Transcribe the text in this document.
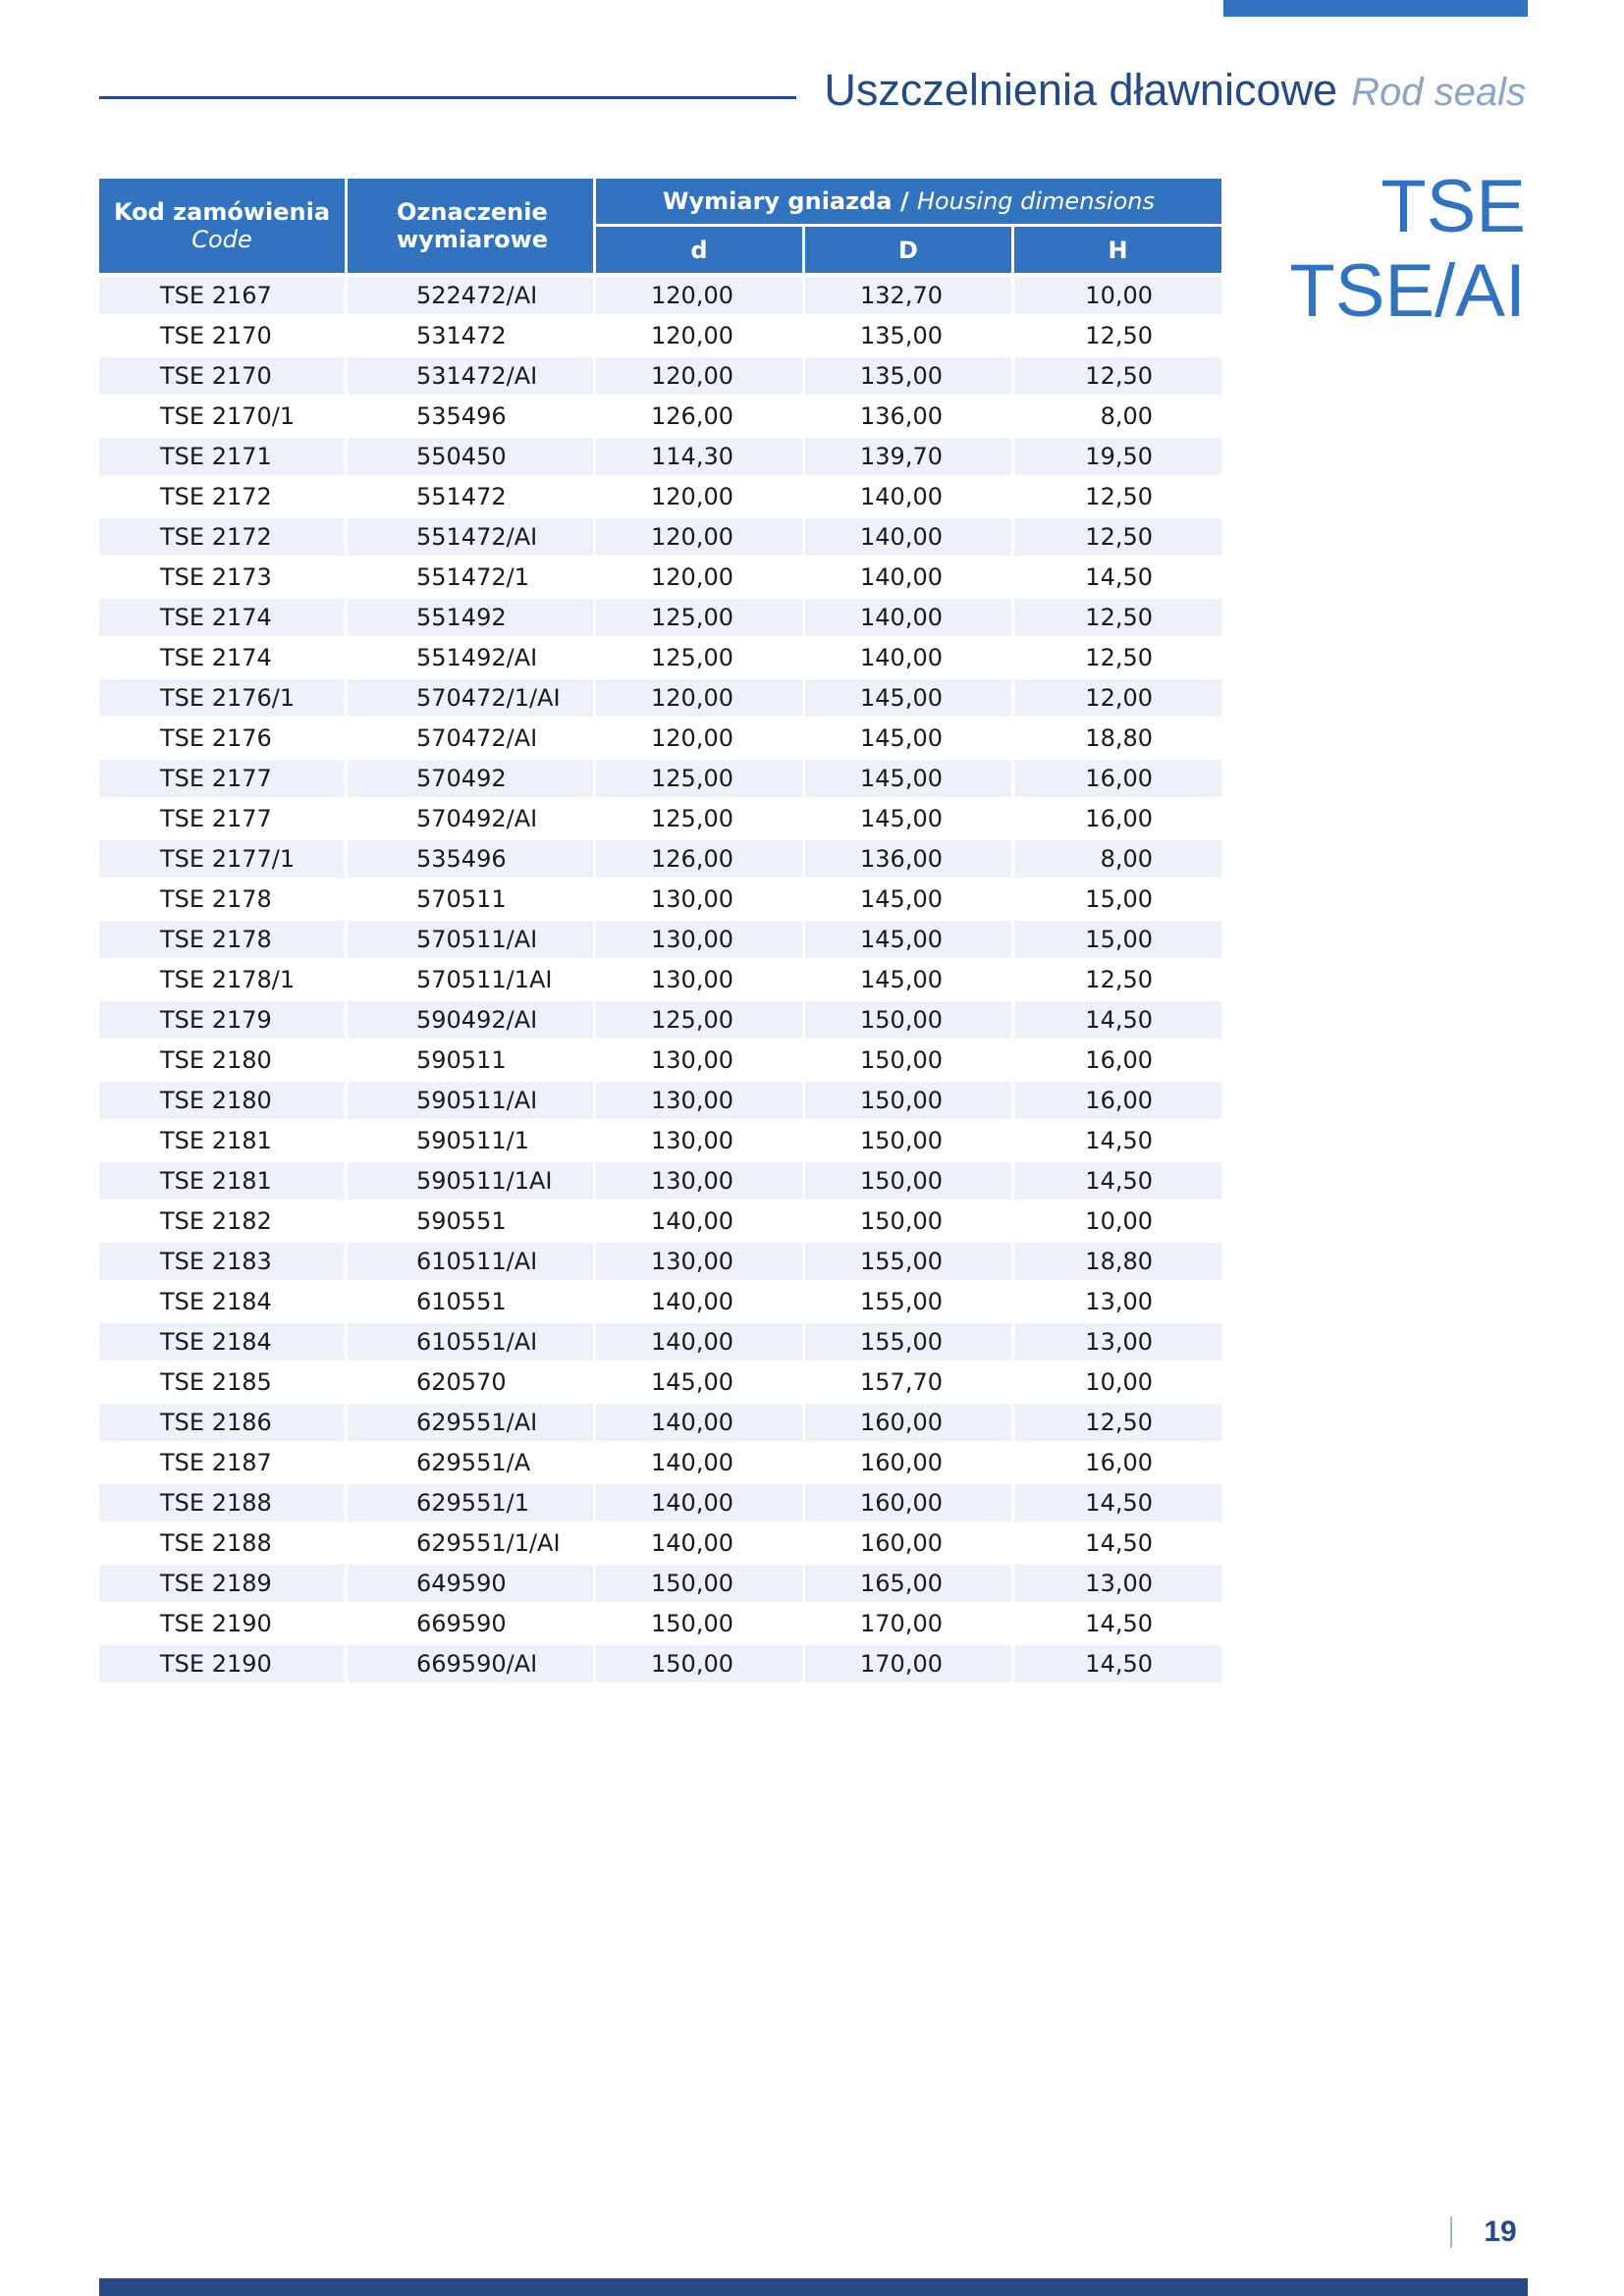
Uszczelnienia dławnicowe Rod seals
TSE
TSE/AI
Kod zamówienia
Code	Oznaczenie wymiarowe	Wymiary gniazda / Housing dimensions		
		d	D	H
TSE 2167	522472/AI	120,00	132,70	10,00
TSE 2170	531472	120,00	135,00	12,50
TSE 2170	531472/AI	120,00	135,00	12,50
TSE 2170/1	535496	126,00	136,00	8,00
TSE 2171	550450	114,30	139,70	19,50
TSE 2172	551472	120,00	140,00	12,50
TSE 2172	551472/AI	120,00	140,00	12,50
TSE 2173	551472/1	120,00	140,00	14,50
TSE 2174	551492	125,00	140,00	12,50
TSE 2174	551492/AI	125,00	140,00	12,50
TSE 2176/1	570472/1/AI	120,00	145,00	12,00
TSE 2176	570472/AI	120,00	145,00	18,80
TSE 2177	570492	125,00	145,00	16,00
TSE 2177	570492/AI	125,00	145,00	16,00
TSE 2177/1	535496	126,00	136,00	8,00
TSE 2178	570511	130,00	145,00	15,00
TSE 2178	570511/AI	130,00	145,00	15,00
TSE 2178/1	570511/1AI	130,00	145,00	12,50
TSE 2179	590492/AI	125,00	150,00	14,50
TSE 2180	590511	130,00	150,00	16,00
TSE 2180	590511/AI	130,00	150,00	16,00
TSE 2181	590511/1	130,00	150,00	14,50
TSE 2181	590511/1AI	130,00	150,00	14,50
TSE 2182	590551	140,00	150,00	10,00
TSE 2183	610511/AI	130,00	155,00	18,80
TSE 2184	610551	140,00	155,00	13,00
TSE 2184	610551/AI	140,00	155,00	13,00
TSE 2185	620570	145,00	157,70	10,00
TSE 2186	629551/AI	140,00	160,00	12,50
TSE 2187	629551/A	140,00	160,00	16,00
TSE 2188	629551/1	140,00	160,00	14,50
TSE 2188	629551/1/AI	140,00	160,00	14,50
TSE 2189	649590	150,00	165,00	13,00
TSE 2190	669590	150,00	170,00	14,50
TSE 2190	669590/AI	150,00	170,00	14,50
19
